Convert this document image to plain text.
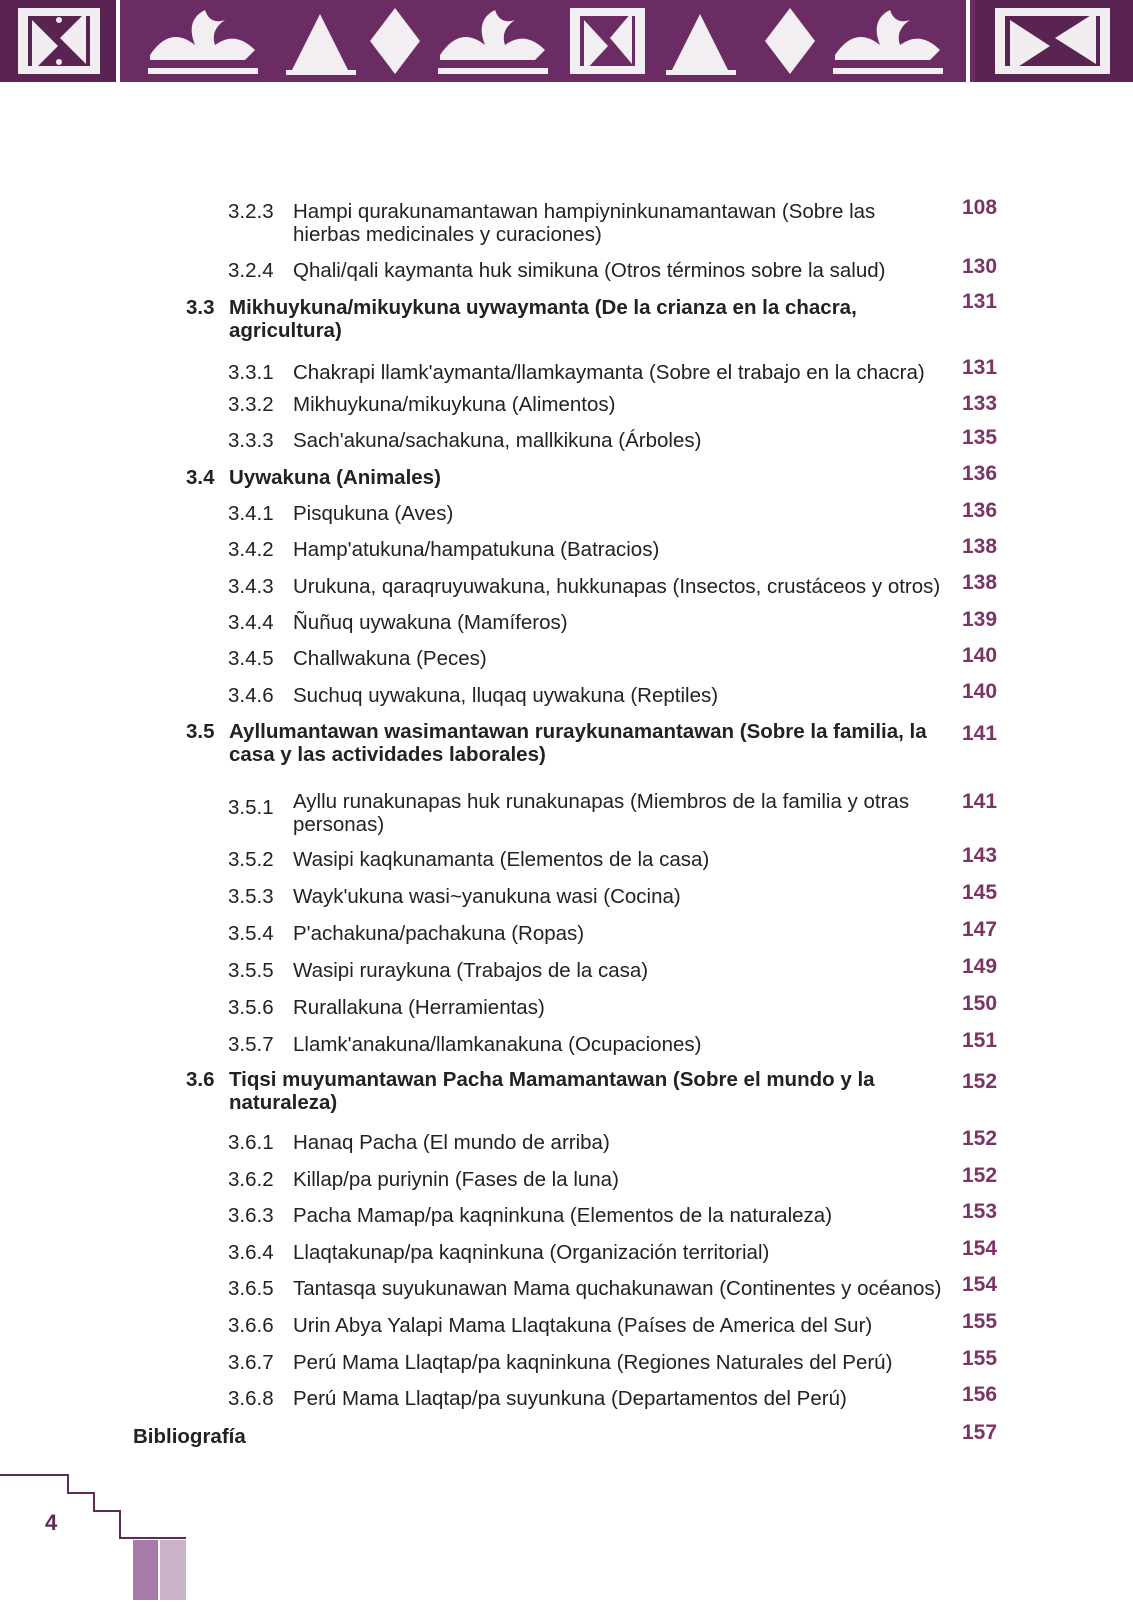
3.2.3 Hampi qurakunamantawan hampiyninkunamantawan (Sobre las hierbas medicinales y curaciones)
108
3.2.4 Qhali/qali kaymanta huk simikuna (Otros términos sobre la salud)	130
3.3 Mikhuykuna/mikuykuna uywaymanta (De la crianza en la chacra, agricultura)
131
3.3.1 Chakrapi llamk'aymanta/llamkaymanta (Sobre el trabajo en la chacra)	131
3.3.2 Mikhuykuna/mikuykuna (Alimentos)	133
3.3.3 Sach'akuna/sachakuna, mallkikuna (Árboles)	135
3.4 Uywakuna (Animales)	136
3.4.1 Pisqukuna (Aves)	136
3.4.2 Hamp'atukuna/hampatukuna (Batracios)	138
3.4.3 Urukuna, qaraqruyuwakuna, hukkunapas (Insectos, crustáceos y otros) 138
3.4.4 Ñuñuq uywakuna (Mamíferos)	139
3.4.5 Challwakuna (Peces)	140
3.4.6 Suchuq uywakuna, lluqaq uywakuna (Reptiles)	140
3.5 Ayllumantawan wasimantawan ruraykunamantawan (Sobre la familia, la casa y las actividades laborales)
141
3.5.1 Ayllu runakunapas huk runakunapas (Miembros de la familia y otras personas)
141
3.5.2 Wasipi kaqkunamanta (Elementos de la casa)	143
3.5.3 Wayk'ukuna wasi~yanukuna wasi (Cocina)	145
3.5.4 P'achakuna/pachakuna (Ropas)	147
3.5.5 Wasipi ruraykuna (Trabajos de la casa)	149
3.5.6 Rurallakuna (Herramientas)	150
3.5.7 Llamk'anakuna/llamkanakuna (Ocupaciones)	151
3.6 Tiqsi muyumantawan Pacha Mamamantawan (Sobre el mundo y la naturaleza)
152
3.6.1 Hanaq Pacha (El mundo de arriba)	152
3.6.2 Killap/pa puriynin (Fases de la luna)	152
3.6.3 Pacha Mamap/pa kaqninkuna (Elementos de la naturaleza)	153
3.6.4 Llaqtakunap/pa kaqninkuna (Organización territorial)	154
3.6.5 Tantasqa suyukunawan Mama quchakunawan (Continentes y océanos) 154
3.6.6 Urin Abya Yalapi Mama Llaqtakuna (Países de America del Sur)	155
3.6.7 Perú Mama Llaqtap/pa kaqninkuna (Regiones Naturales del Perú)	155
3.6.8 Perú Mama Llaqtap/pa suyunkuna (Departamentos del Perú)	156
Bibliografía	157
4
